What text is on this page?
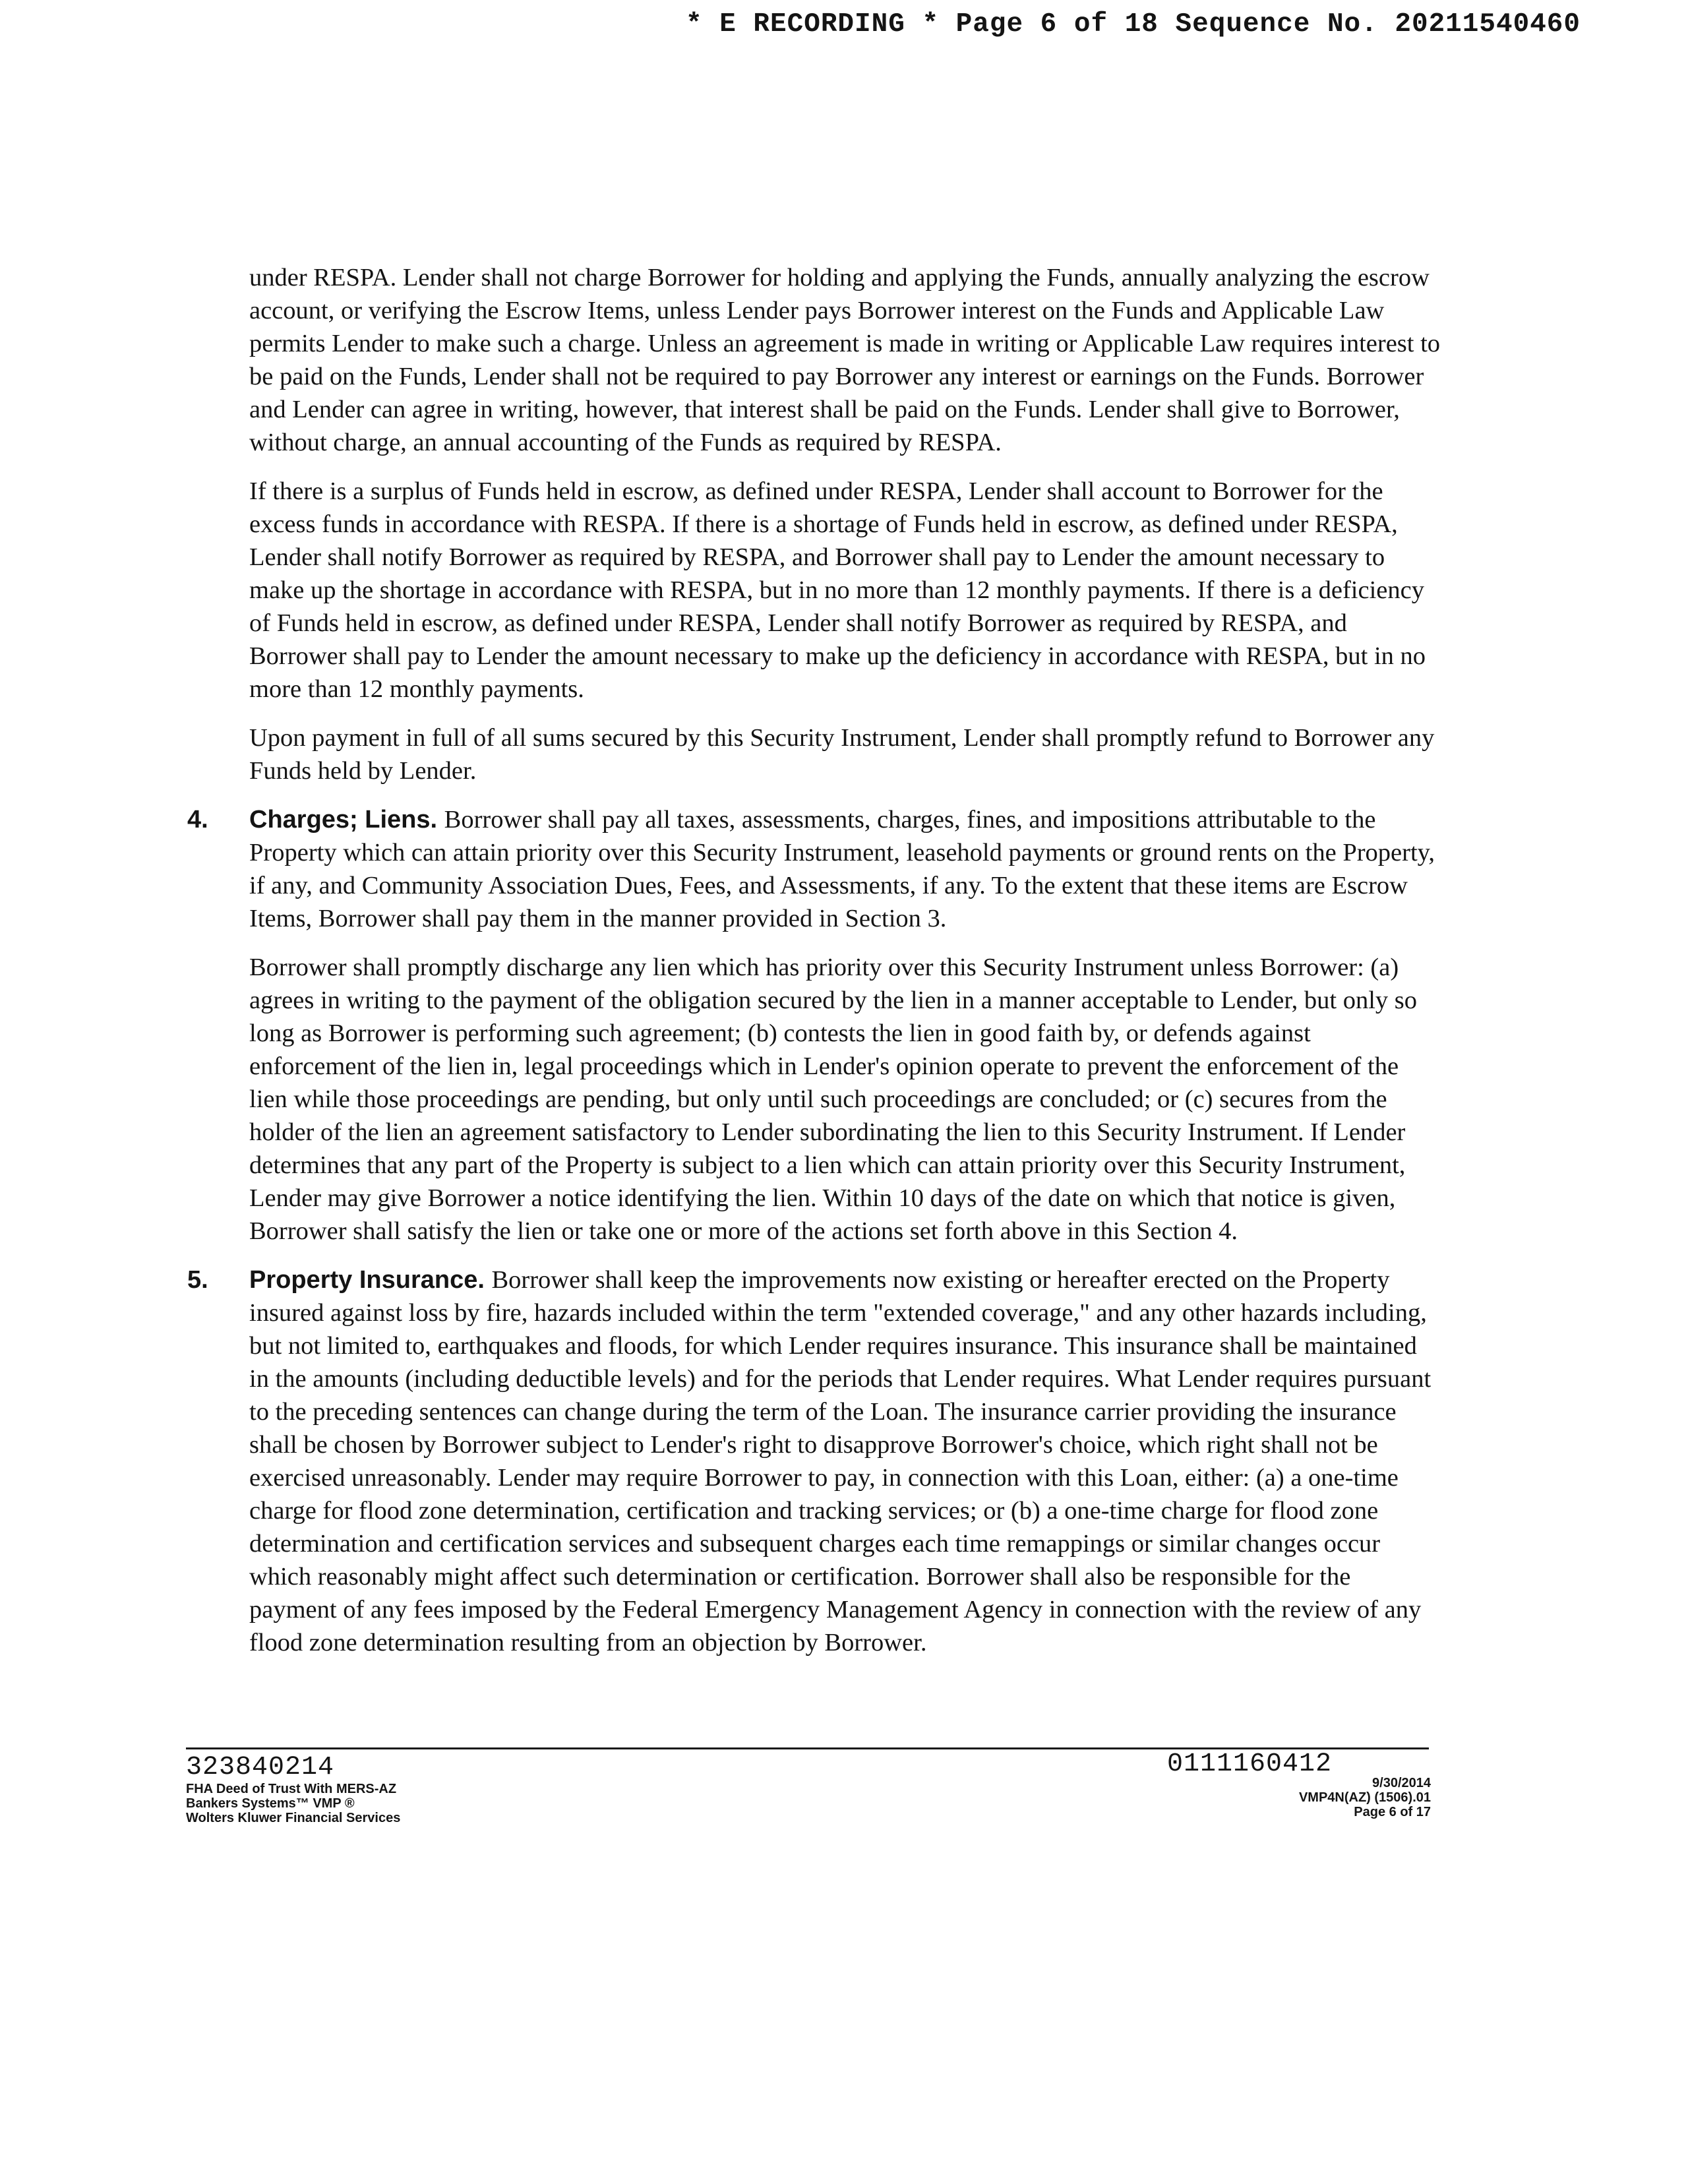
* E RECORDING * Page 6 of 18 Sequence No. 20211540460

under RESPA. Lender shall not charge Borrower for holding and applying the Funds, annually analyzing the escrow account, or verifying the Escrow Items, unless Lender pays Borrower interest on the Funds and Applicable Law permits Lender to make such a charge. Unless an agreement is made in writing or Applicable Law requires interest to be paid on the Funds, Lender shall not be required to pay Borrower any interest or earnings on the Funds. Borrower and Lender can agree in writing, however, that interest shall be paid on the Funds. Lender shall give to Borrower, without charge, an annual accounting of the Funds as required by RESPA.

If there is a surplus of Funds held in escrow, as defined under RESPA, Lender shall account to Borrower for the excess funds in accordance with RESPA. If there is a shortage of Funds held in escrow, as defined under RESPA, Lender shall notify Borrower as required by RESPA, and Borrower shall pay to Lender the amount necessary to make up the shortage in accordance with RESPA, but in no more than 12 monthly payments. If there is a deficiency of Funds held in escrow, as defined under RESPA, Lender shall notify Borrower as required by RESPA, and Borrower shall pay to Lender the amount necessary to make up the deficiency in accordance with RESPA, but in no more than 12 monthly payments.

Upon payment in full of all sums secured by this Security Instrument, Lender shall promptly refund to Borrower any Funds held by Lender.

4. Charges; Liens. Borrower shall pay all taxes, assessments, charges, fines, and impositions attributable to the Property which can attain priority over this Security Instrument, leasehold payments or ground rents on the Property, if any, and Community Association Dues, Fees, and Assessments, if any. To the extent that these items are Escrow Items, Borrower shall pay them in the manner provided in Section 3.

Borrower shall promptly discharge any lien which has priority over this Security Instrument unless Borrower: (a) agrees in writing to the payment of the obligation secured by the lien in a manner acceptable to Lender, but only so long as Borrower is performing such agreement; (b) contests the lien in good faith by, or defends against enforcement of the lien in, legal proceedings which in Lender's opinion operate to prevent the enforcement of the lien while those proceedings are pending, but only until such proceedings are concluded; or (c) secures from the holder of the lien an agreement satisfactory to Lender subordinating the lien to this Security Instrument. If Lender determines that any part of the Property is subject to a lien which can attain priority over this Security Instrument, Lender may give Borrower a notice identifying the lien. Within 10 days of the date on which that notice is given, Borrower shall satisfy the lien or take one or more of the actions set forth above in this Section 4.

5. Property Insurance. Borrower shall keep the improvements now existing or hereafter erected on the Property insured against loss by fire, hazards included within the term "extended coverage," and any other hazards including, but not limited to, earthquakes and floods, for which Lender requires insurance. This insurance shall be maintained in the amounts (including deductible levels) and for the periods that Lender requires. What Lender requires pursuant to the preceding sentences can change during the term of the Loan. The insurance carrier providing the insurance shall be chosen by Borrower subject to Lender's right to disapprove Borrower's choice, which right shall not be exercised unreasonably. Lender may require Borrower to pay, in connection with this Loan, either: (a) a one-time charge for flood zone determination, certification and tracking services; or (b) a one-time charge for flood zone determination and certification services and subsequent charges each time remappings or similar changes occur which reasonably might affect such determination or certification. Borrower shall also be responsible for the payment of any fees imposed by the Federal Emergency Management Agency in connection with the review of any flood zone determination resulting from an objection by Borrower.
323840214
FHA Deed of Trust With MERS-AZ
Bankers Systems™ VMP ®
Wolters Kluwer Financial Services
0111160412
9/30/2014
VMP4N(AZ) (1506).01
Page 6 of 17
